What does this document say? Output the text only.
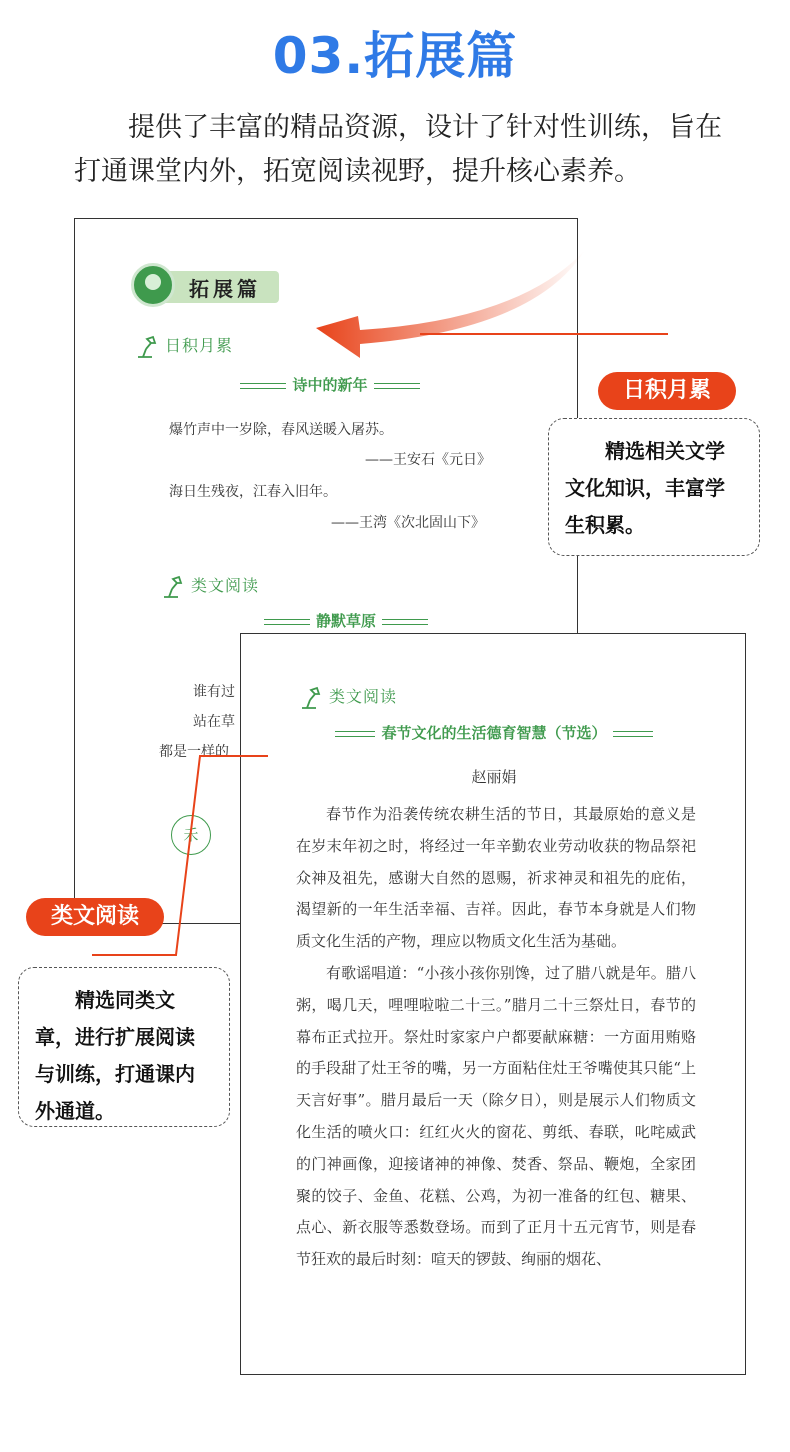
03.拓展篇

提供了丰富的精品资源，设计了针对性训练，旨在打通课堂内外，拓宽阅读视野，提升核心素养。

拓展篇
日积月累
诗中的新年
爆竹声中一岁除，春风送暖入屠苏。
——王安石《元日》
海日生残夜，江春入旧年。
——王湾《次北固山下》
类文阅读
静默草原
谁有过
站在草
都是一样的
禾
类文阅读
春节文化的生活德育智慧（节选）
赵丽娟

春节作为沿袭传统农耕生活的节日，其最原始的意义是在岁末年初之时，将经过一年辛勤农业劳动收获的物品祭祀众神及祖先，感谢大自然的恩赐，祈求神灵和祖先的庇佑，渴望新的一年生活幸福、吉祥。因此，春节本身就是人们物质文化生活的产物，理应以物质文化生活为基础。

有歌谣唱道：“小孩小孩你别馋，过了腊八就是年。腊八粥，喝几天，哩哩啦啦二十三。”腊月二十三祭灶日，春节的幕布正式拉开。祭灶时家家户户都要献麻糖：一方面用贿赂的手段甜了灶王爷的嘴，另一方面粘住灶王爷嘴使其只能“上天言好事”。腊月最后一天（除夕日），则是展示人们物质文化生活的喷火口：红红火火的窗花、剪纸、春联，叱咤威武的门神画像，迎接诸神的神像、焚香、祭品、鞭炮，全家团聚的饺子、金鱼、花糕、公鸡，为初一准备的红包、糖果、点心、新衣服等悉数登场。而到了正月十五元宵节，则是春节狂欢的最后时刻：喧天的锣鼓、绚丽的烟花、

日积月累

精选相关文学文化知识，丰富学生积累。

类文阅读

精选同类文章，进行扩展阅读与训练，打通课内外通道。
